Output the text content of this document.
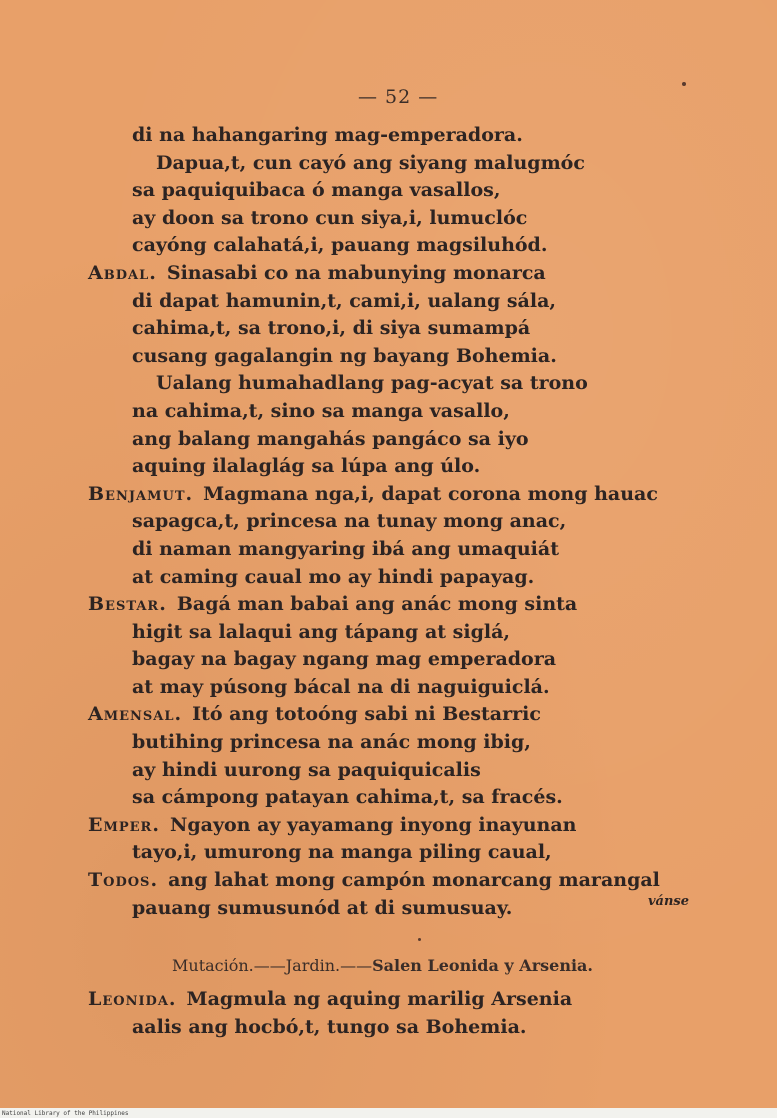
— 52 —
di na hahangaring mag-emperadora.
Dapua,t, cun cayó ang siyang malugmóc
sa paquiquibaca ó manga vasallos,
ay doon sa trono cun siya,i, lumuclóc
cayóng calahatá,i, pauang magsiluhód.
Abdal. Sinasabi co na mabunying monarca
di dapat hamunin,t, cami,i, ualang sála,
cahima,t, sa trono,i, di siya sumampá
cusang gagalangin ng bayang Bohemia.
Ualang humahadlang pag-acyat sa trono
na cahima,t, sino sa manga vasallo,
ang balang mangahás pangáco sa iyo
aquing ilalaglág sa lúpa ang úlo.
Benjamut. Magmana nga,i, dapat corona mong hauac
sapagca,t, princesa na tunay mong anac,
di naman mangyaring ibá ang umaquiát
at caming caual mo ay hindi papayag.
Bestar. Bagá man babai ang anác mong sinta
higit sa lalaqui ang tápang at siglá,
bagay na bagay ngang mag emperadora
at may púsong bácal na di naguiguiclá.
Amensal. Itó ang totoóng sabi ni Bestarric
butihing princesa na anác mong ibig,
ay hindi uurong sa paquiquicalis
sa cámpong patayan cahima,t, sa fracés.
Emper. Ngayon ay yayamang inyong inayunan
tayo,i, umurong na manga piling caual,
Todos. ang lahat mong campón monarcang marangal
pauang sumusunód at di sumusuay.	vánse
Mutación.——Jardin.——Salen Leonida y Arsenia.
Leonida. Magmula ng aquing marilig Arsenia
aalis ang hocbó,t, tungo sa Bohemia.
National Library of the Philippines
